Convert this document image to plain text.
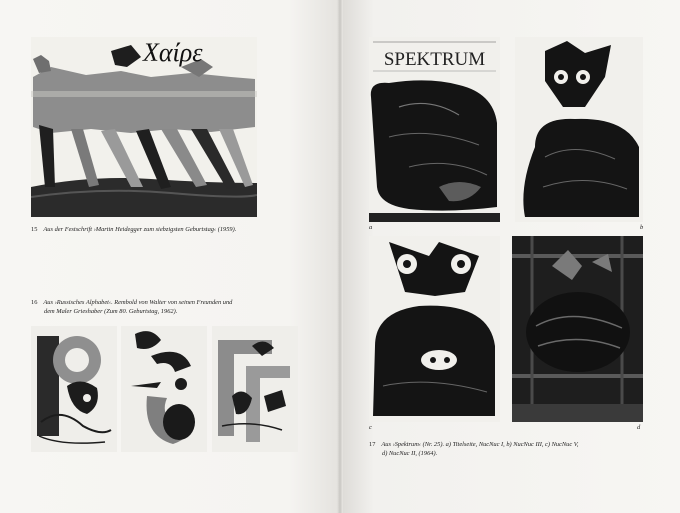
Χαίρε
15 Aus der Festschrift ›Martin Heidegger zum siebzigsten Geburtstag‹ (1959).
16 Aus ›Russisches Alphabet‹. Rembold von Walter von seinen Freunden und
dem Maler Grieshaber (Zum 80. Geburtstag, 1962).
SPEKTRUM
a	b
c	d
17 Aus ›Spektrum‹ (Nr. 25). a) Titelseite, NucNuc I, b) NucNuc III, c) NucNuc V,
d) NucNuc II, (1964).
